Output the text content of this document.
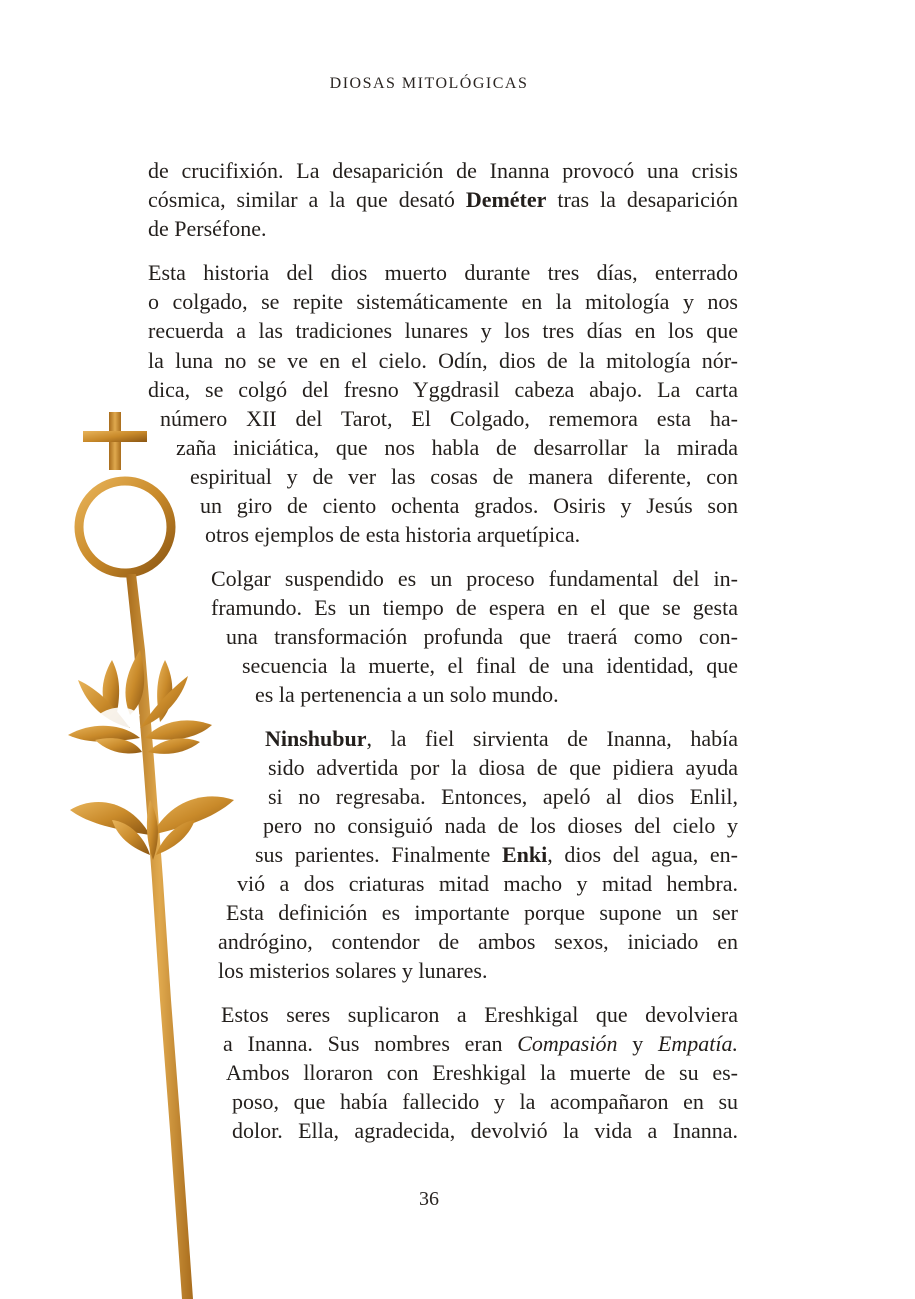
DIOSAS MITOLÓGICAS
de crucifixión. La desaparición de Inanna provocó una crisis
cósmica, similar a la que desató Deméter tras la desaparición
de Perséfone.
Esta historia del dios muerto durante tres días, enterrado
o colgado, se repite sistemáticamente en la mitología y nos
recuerda a las tradiciones lunares y los tres días en los que
la luna no se ve en el cielo. Odín, dios de la mitología nór-
dica, se colgó del fresno Yggdrasil cabeza abajo. La carta
número XII del Tarot, El Colgado, rememora esta ha-
zaña iniciática, que nos habla de desarrollar la mirada
espiritual y de ver las cosas de manera diferente, con
un giro de ciento ochenta grados. Osiris y Jesús son
otros ejemplos de esta historia arquetípica.
Colgar suspendido es un proceso fundamental del in-
framundo. Es un tiempo de espera en el que se gesta
una transformación profunda que traerá como con-
secuencia la muerte, el final de una identidad, que
es la pertenencia a un solo mundo.
Ninshubur, la fiel sirvienta de Inanna, había
sido advertida por la diosa de que pidiera ayuda
si no regresaba. Entonces, apeló al dios Enlil,
pero no consiguió nada de los dioses del cielo y
sus parientes. Finalmente Enki, dios del agua, en-
vió a dos criaturas mitad macho y mitad hembra.
Esta definición es importante porque supone un ser
andrógino, contendor de ambos sexos, iniciado en
los misterios solares y lunares.
Estos seres suplicaron a Ereshkigal que devolviera
a Inanna. Sus nombres eran Compasión y Empatía.
Ambos lloraron con Ereshkigal la muerte de su es-
poso, que había fallecido y la acompañaron en su
dolor. Ella, agradecida, devolvió la vida a Inanna.
36
